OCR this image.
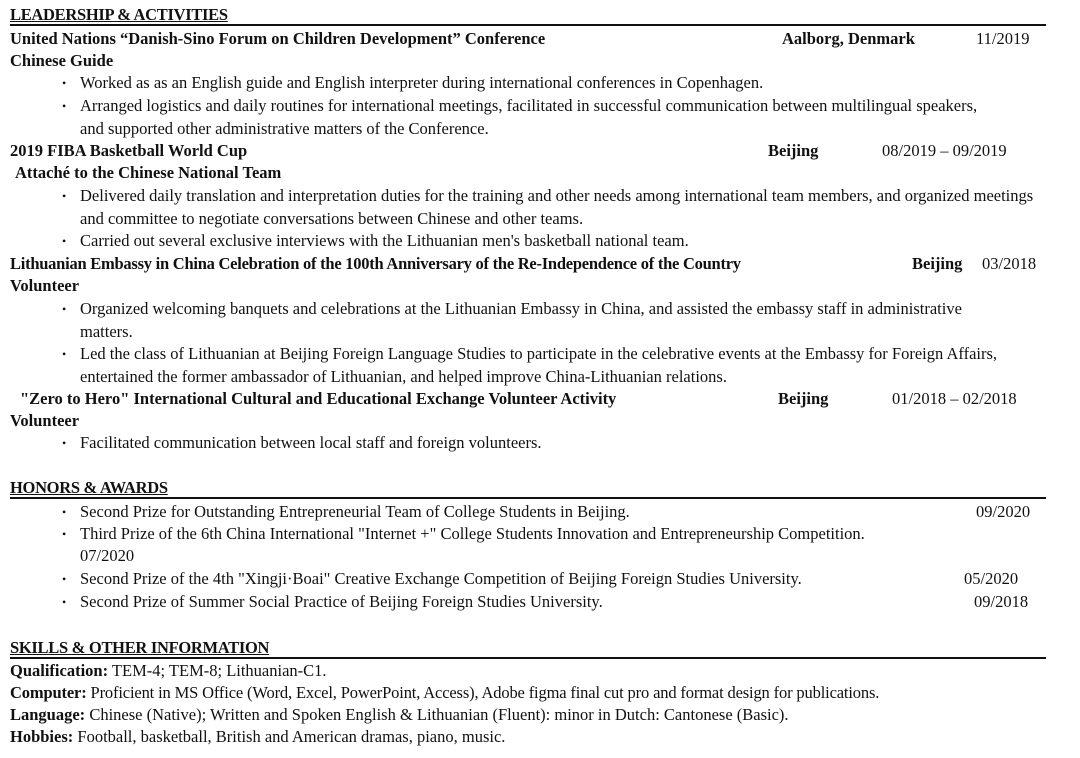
LEADERSHIP & ACTIVITIES
United Nations “Danish-Sino Forum on Children Development” Conference	Aalborg, Denmark	11/2019
Chinese Guide
• Worked as as an English guide and English interpreter during international conferences in Copenhagen.
• Arranged logistics and daily routines for international meetings, facilitated in successful communication between multilingual speakers, and supported other administrative matters of the Conference.
2019 FIBA Basketball World Cup	Beijing	08/2019 – 09/2019
Attaché to the Chinese National Team
• Delivered daily translation and interpretation duties for the training and other needs among international team members, and organized meetings and committee to negotiate conversations between Chinese and other teams.
• Carried out several exclusive interviews with the Lithuanian men's basketball national team.
Lithuanian Embassy in China Celebration of the 100th Anniversary of the Re-Independence of the Country	Beijing 03/2018
Volunteer
• Organized welcoming banquets and celebrations at the Lithuanian Embassy in China, and assisted the embassy staff in administrative matters.
• Led the class of Lithuanian at Beijing Foreign Language Studies to participate in the celebrative events at the Embassy for Foreign Affairs, entertained the former ambassador of Lithuanian, and helped improve China-Lithuanian relations.
"Zero to Hero" International Cultural and Educational Exchange Volunteer Activity	Beijing	01/2018 – 02/2018
Volunteer
• Facilitated communication between local staff and foreign volunteers.
HONORS & AWARDS
• Second Prize for Outstanding Entrepreneurial Team of College Students in Beijing.	09/2020
• Third Prize of the 6th China International "Internet +" College Students Innovation and Entrepreneurship Competition.
07/2020
• Second Prize of the 4th "Xingji·Boai" Creative Exchange Competition of Beijing Foreign Studies University.	05/2020
• Second Prize of Summer Social Practice of Beijing Foreign Studies University.	09/2018
SKILLS & OTHER INFORMATION
Qualification: TEM-4; TEM-8; Lithuanian-C1.
Computer: Proficient in MS Office (Word, Excel, PowerPoint, Access), Adobe figma final cut pro and format design for publications.
Language: Chinese (Native); Written and Spoken English & Lithuanian (Fluent): minor in Dutch: Cantonese (Basic).
Hobbies: Football, basketball, British and American dramas, piano, music.
